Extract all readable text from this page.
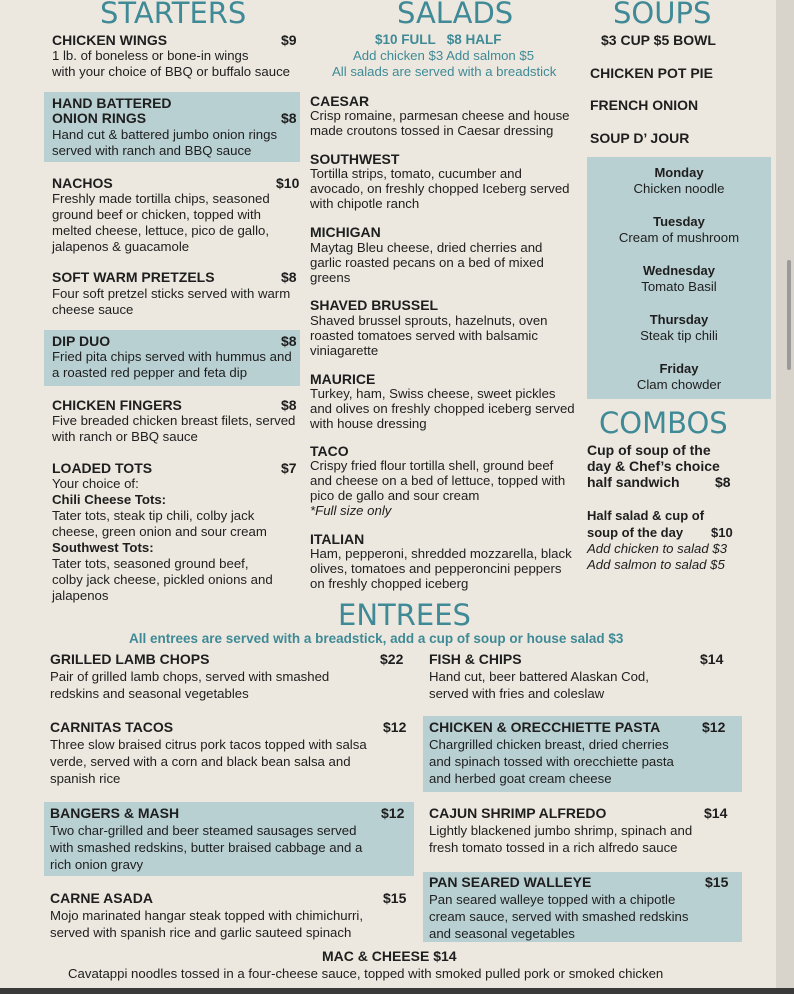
STARTERS	SALADS	SOUPS
CHICKEN WINGS	$9
1 lb. of boneless or bone-in wings
with your choice of BBQ or buffalo sauce
HAND BATTERED
ONION RINGS	$8
Hand cut & battered jumbo onion rings
served with ranch and BBQ sauce
NACHOS	$10
Freshly made tortilla chips, seasoned
ground beef or chicken, topped with
melted cheese, lettuce, pico de gallo,
jalapenos & guacamole
SOFT WARM PRETZELS	$8
Four soft pretzel sticks served with warm
cheese sauce
DIP DUO	$8
Fried pita chips served with hummus and
a roasted red pepper and feta dip
CHICKEN FINGERS	$8
Five breaded chicken breast filets, served
with ranch or BBQ sauce
LOADED TOTS	$7
Your choice of:
Chili Cheese Tots:
Tater tots, steak tip chili, colby jack
cheese, green onion and sour cream
Southwest Tots:
Tater tots, seasoned ground beef,
colby jack cheese, pickled onions and
jalapenos
$10 FULL   $8 HALF
Add chicken $3 Add salmon $5
All salads are served with a breadstick
CAESAR
Crisp romaine, parmesan cheese and house
made croutons tossed in Caesar dressing
SOUTHWEST
Tortilla strips, tomato, cucumber and
avocado, on freshly chopped Iceberg served
with chipotle ranch
MICHIGAN
Maytag Bleu cheese, dried cherries and
garlic roasted pecans on a bed of mixed
greens
SHAVED BRUSSEL
Shaved brussel sprouts, hazelnuts, oven
roasted tomatoes served with balsamic
viniagarette
MAURICE
Turkey, ham, Swiss cheese, sweet pickles
and olives on freshly chopped iceberg served
with house dressing
TACO
Crispy fried flour tortilla shell, ground beef
and cheese on a bed of lettuce, topped with
pico de gallo and sour cream
*Full size only
ITALIAN
Ham, pepperoni, shredded mozzarella, black
olives, tomatoes and pepperoncini peppers
on freshly chopped iceberg
$3 CUP $5 BOWL
CHICKEN POT PIE
FRENCH ONION
SOUP D’ JOUR
Monday
Chicken noodle
Tuesday
Cream of mushroom
Wednesday
Tomato Basil
Thursday
Steak tip chili
Friday
Clam chowder
COMBOS
Cup of soup of the
day & Chef’s choice
half sandwich	$8
Half salad & cup of
soup of the day $10
Add chicken to salad $3
Add salmon to salad $5
ENTREES
All entrees are served with a breadstick, add a cup of soup or house salad $3
GRILLED LAMB CHOPS	$22
Pair of grilled lamb chops, served with smashed
redskins and seasonal vegetables
FISH & CHIPS	$14
Hand cut, beer battered Alaskan Cod,
served with fries and coleslaw
CARNITAS TACOS	$12
Three slow braised citrus pork tacos topped with salsa
verde, served with a corn and black bean salsa and
spanish rice
CHICKEN & ORECCHIETTE PASTA	$12
Chargrilled chicken breast, dried cherries
and spinach tossed with orecchiette pasta
and herbed goat cream cheese
BANGERS & MASH	$12
Two char-grilled and beer steamed sausages served
with smashed redskins, butter braised cabbage and a
rich onion gravy
CAJUN SHRIMP ALFREDO	$14
Lightly blackened jumbo shrimp, spinach and
fresh tomato tossed in a rich alfredo sauce
PAN SEARED WALLEYE	$15
Pan seared walleye topped with a chipotle
cream sauce, served with smashed redskins
and seasonal vegetables
CARNE ASADA	$15
Mojo marinated hangar steak topped with chimichurri,
served with spanish rice and garlic sauteed spinach
MAC & CHEESE $14
Cavatappi noodles tossed in a four-cheese sauce, topped with smoked pulled pork or smoked chicken
